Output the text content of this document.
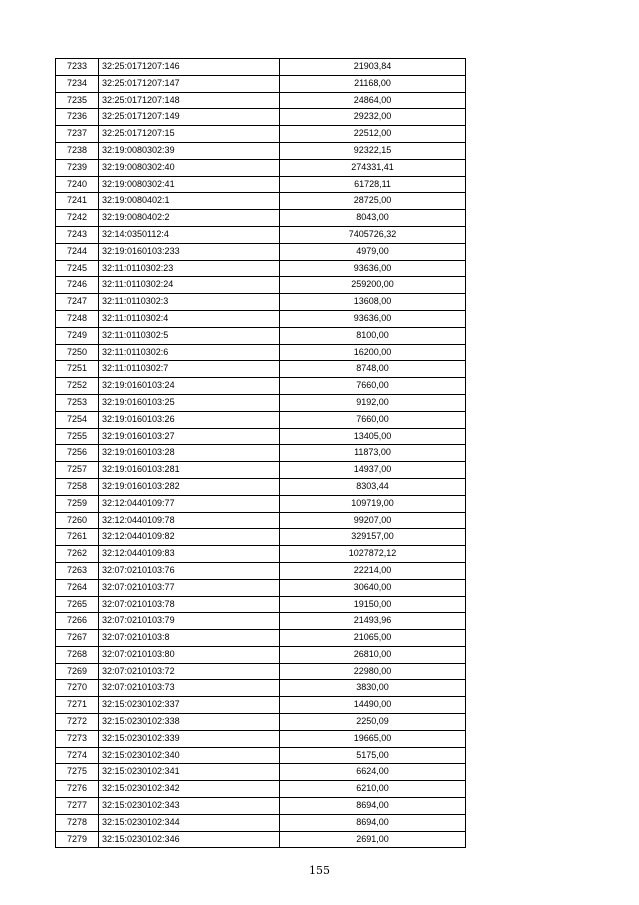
7233	32:25:0171207:146	21903,84
7234	32:25:0171207:147	21168,00
7235	32:25:0171207:148	24864,00
7236	32:25:0171207:149	29232,00
7237	32:25:0171207:15	22512,00
7238	32:19:0080302:39	92322,15
7239	32:19:0080302:40	274331,41
7240	32:19:0080302:41	61728,11
7241	32:19:0080402:1	28725,00
7242	32:19:0080402:2	8043,00
7243	32:14:0350112:4	7405726,32
7244	32:19:0160103:233	4979,00
7245	32:11:0110302:23	93636,00
7246	32:11:0110302:24	259200,00
7247	32:11:0110302:3	13608,00
7248	32:11:0110302:4	93636,00
7249	32:11:0110302:5	8100,00
7250	32:11:0110302:6	16200,00
7251	32:11:0110302:7	8748,00
7252	32:19:0160103:24	7660,00
7253	32:19:0160103:25	9192,00
7254	32:19:0160103:26	7660,00
7255	32:19:0160103:27	13405,00
7256	32:19:0160103:28	11873,00
7257	32:19:0160103:281	14937,00
7258	32:19:0160103:282	8303,44
7259	32:12:0440109:77	109719,00
7260	32:12:0440109:78	99207,00
7261	32:12:0440109:82	329157,00
7262	32:12:0440109:83	1027872,12
7263	32:07:0210103:76	22214,00
7264	32:07:0210103:77	30640,00
7265	32:07:0210103:78	19150,00
7266	32:07:0210103:79	21493,96
7267	32:07:0210103:8	21065,00
7268	32:07:0210103:80	26810,00
7269	32:07:0210103:72	22980,00
7270	32:07:0210103:73	3830,00
7271	32:15:0230102:337	14490,00
7272	32:15:0230102:338	2250,09
7273	32:15:0230102:339	19665,00
7274	32:15:0230102:340	5175,00
7275	32:15:0230102:341	6624,00
7276	32:15:0230102:342	6210,00
7277	32:15:0230102:343	8694,00
7278	32:15:0230102:344	8694,00
7279	32:15:0230102:346	2691,00
155
